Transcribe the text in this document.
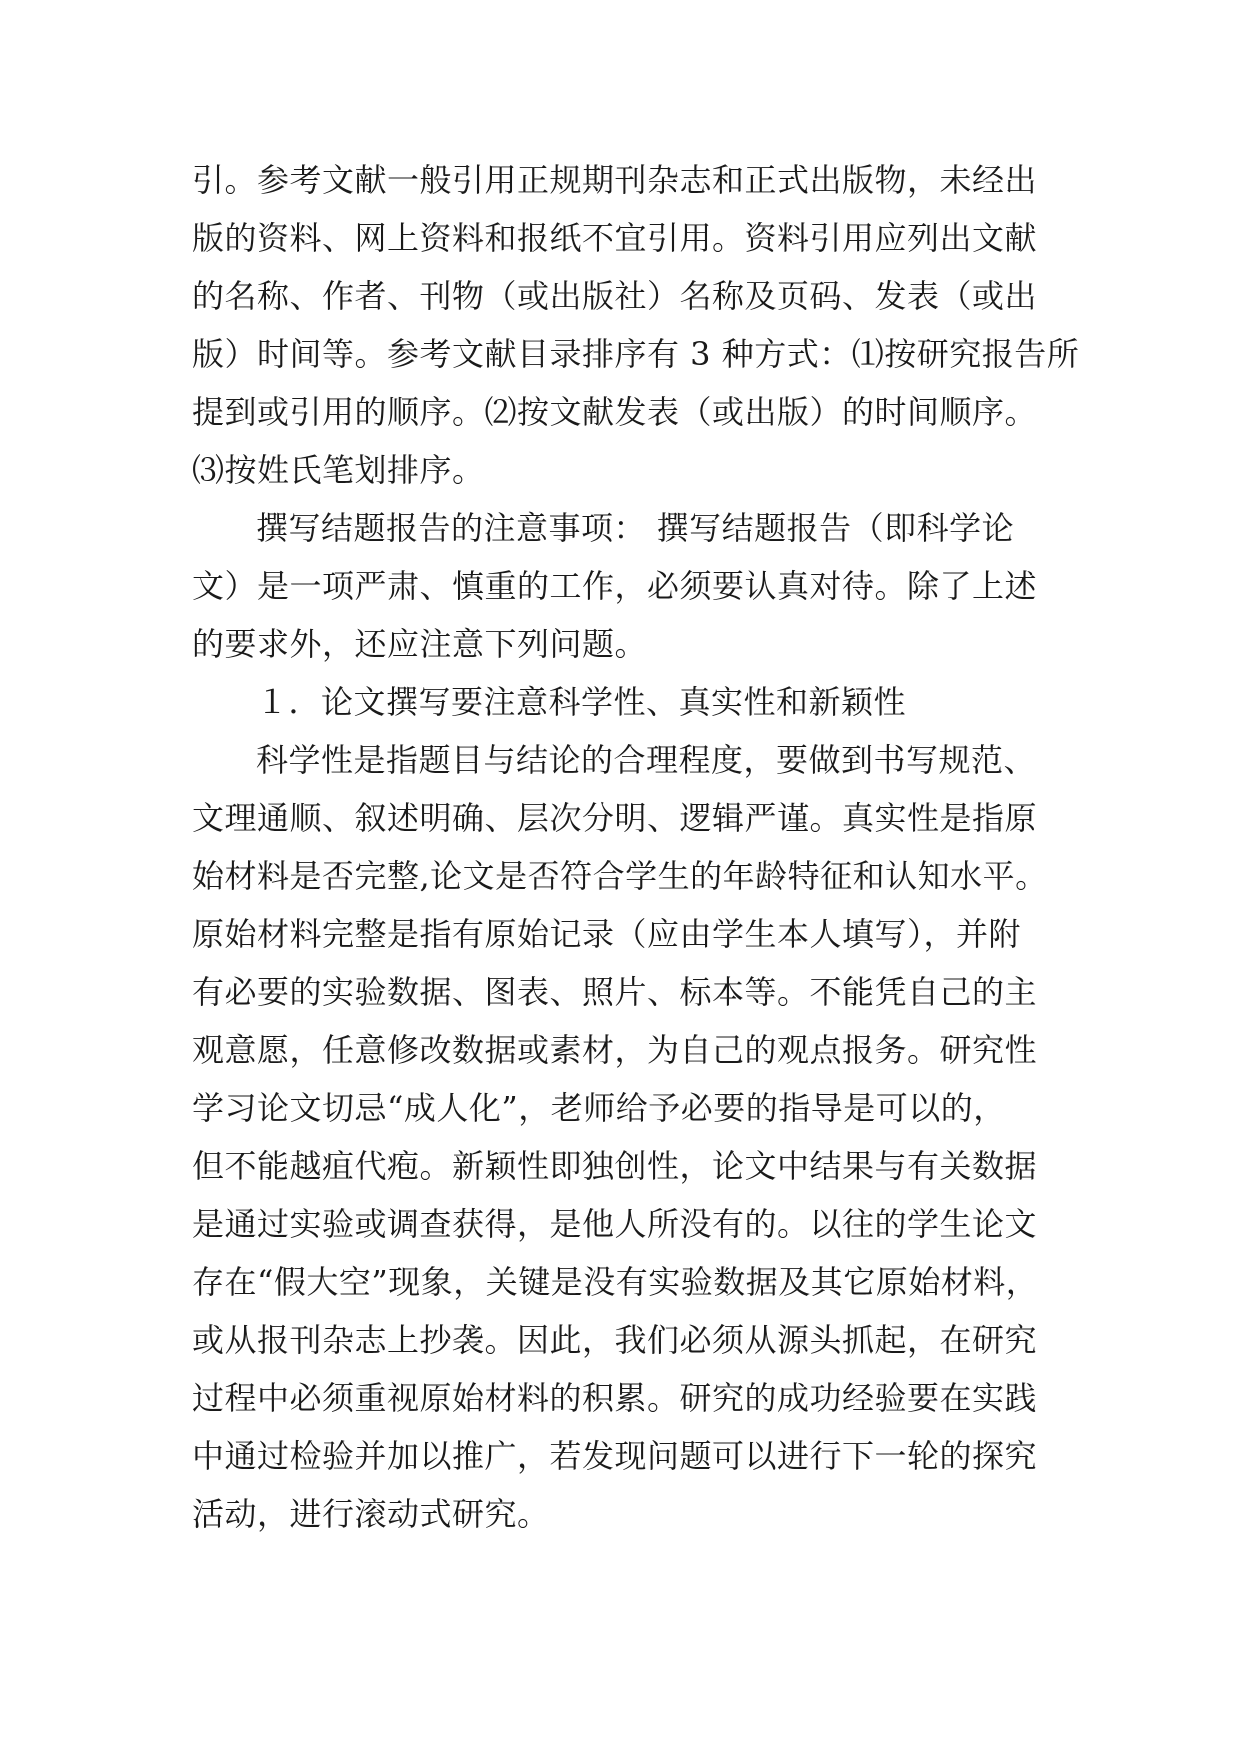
引。参考文献一般引用正规期刊杂志和正式出版物，未经出
版的资料、网上资料和报纸不宜引用。资料引用应列出文献
的名称、作者、刊物（或出版社）名称及页码、发表（或出
版）时间等。参考文献目录排序有 3 种方式：⑴按研究报告所
提到或引用的顺序。⑵按文献发表（或出版）的时间顺序。
⑶按姓氏笔划排序。
撰写结题报告的注意事项： 撰写结题报告（即科学论
文）是一项严肃、慎重的工作，必须要认真对待。除了上述
的要求外，还应注意下列问题。
１．论文撰写要注意科学性、真实性和新颖性
科学性是指题目与结论的合理程度，要做到书写规范、
文理通顺、叙述明确、层次分明、逻辑严谨。真实性是指原
始材料是否完整,论文是否符合学生的年龄特征和认知水平。
原始材料完整是指有原始记录（应由学生本人填写），并附
有必要的实验数据、图表、照片、标本等。不能凭自己的主
观意愿，任意修改数据或素材，为自己的观点报务。研究性
学习论文切忌“成人化”，老师给予必要的指导是可以的，
但不能越疽代疱。新颖性即独创性，论文中结果与有关数据
是通过实验或调查获得，是他人所没有的。以往的学生论文
存在“假大空”现象，关键是没有实验数据及其它原始材料，
或从报刊杂志上抄袭。因此，我们必须从源头抓起，在研究
过程中必须重视原始材料的积累。研究的成功经验要在实践
中通过检验并加以推广，若发现问题可以进行下一轮的探究
活动，进行滚动式研究。
